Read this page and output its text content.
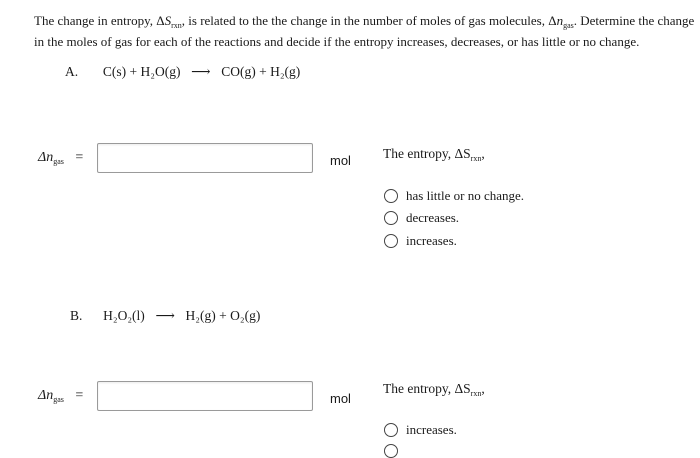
The change in entropy, $\Delta S_{rxn}$, is related to the the change in the number of moles of gas molecules, $\Delta n_{gas}$. Determine the change

in the moles of gas for each of the reactions and decide if the entropy increases, decreases, or has little or no change.

A. C(s) + H₂O(g) ⟶ CO(g) + H₂(g)
$\Delta n_{gas}$ =	mol The entropy, $\Delta S_{rxn}$,
has little or no change.
decreases.
increases.
B. H₂O₂(l) ⟶ H₂(g) + O₂(g)
$\Delta n_{gas}$ =	mol
The entropy, $\Delta S_{rxn}$,
increases.
